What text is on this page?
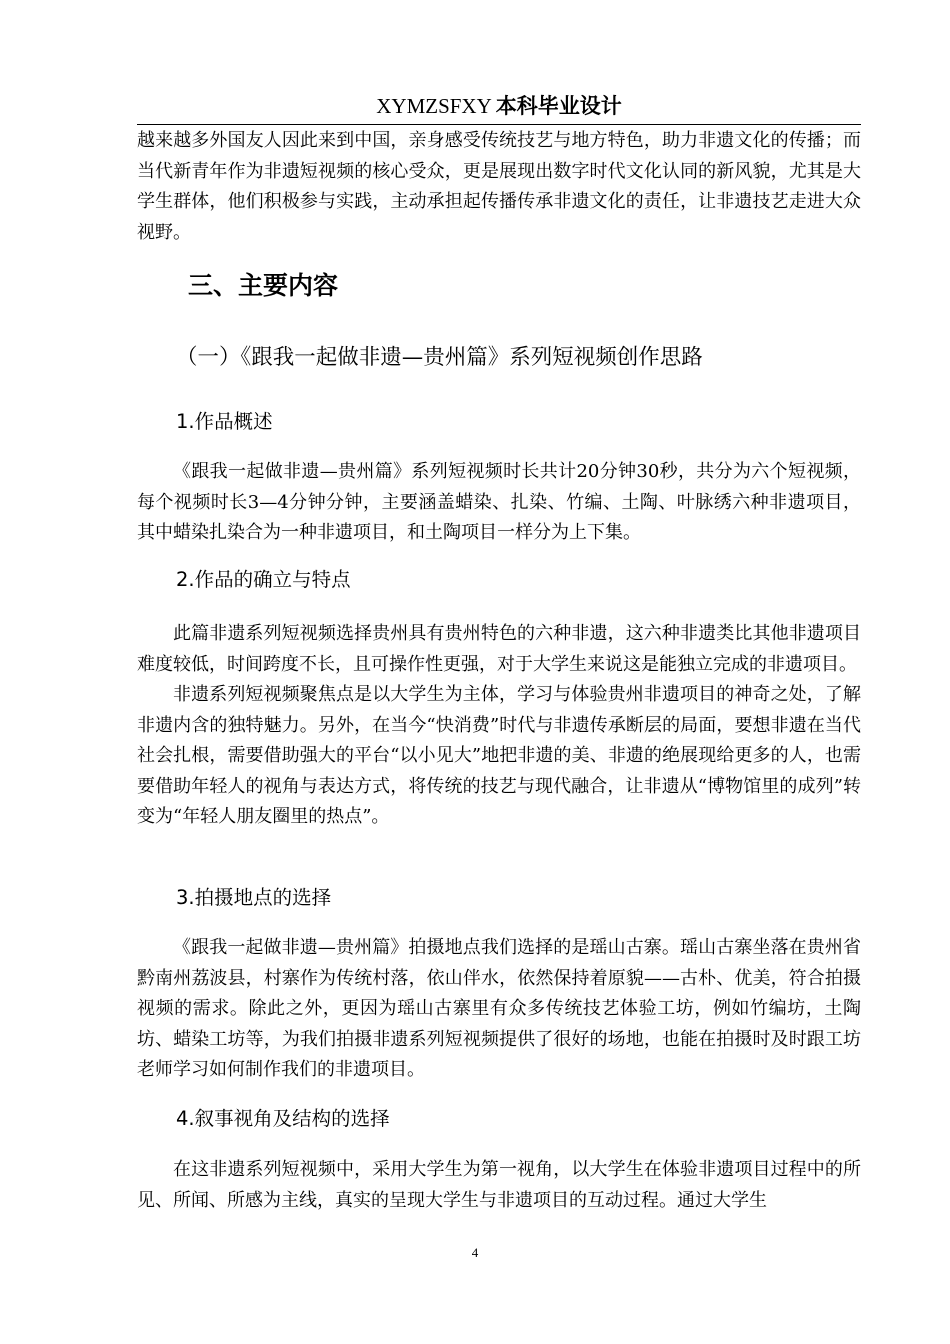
XYMZSFXY 本科毕业设计

越来越多外国友人因此来到中国，亲身感受传统技艺与地方特色，助力非遗文化的传播；而当代新青年作为非遗短视频的核心受众，更是展现出数字时代文化认同的新风貌，尤其是大学生群体，他们积极参与实践，主动承担起传播传承非遗文化的责任，让非遗技艺走进大众视野。

三、主要内容
（一）《跟我一起做非遗—贵州篇》系列短视频创作思路
1.作品概述

《跟我一起做非遗—贵州篇》系列短视频时长共计20分钟30秒，共分为六个短视频，每个视频时长3—4分钟分钟，主要涵盖蜡染、扎染、竹编、土陶、叶脉绣六种非遗项目，其中蜡染扎染合为一种非遗项目，和土陶项目一样分为上下集。

2.作品的确立与特点

此篇非遗系列短视频选择贵州具有贵州特色的六种非遗，这六种非遗类比其他非遗项目难度较低，时间跨度不长，且可操作性更强，对于大学生来说这是能独立完成的非遗项目。

非遗系列短视频聚焦点是以大学生为主体，学习与体验贵州非遗项目的神奇之处，了解非遗内含的独特魅力。另外，在当今“快消费”时代与非遗传承断层的局面，要想非遗在当代社会扎根，需要借助强大的平台“以小见大”地把非遗的美、非遗的绝展现给更多的人，也需要借助年轻人的视角与表达方式，将传统的技艺与现代融合，让非遗从“博物馆里的成列”转变为“年轻人朋友圈里的热点”。

3.拍摄地点的选择

《跟我一起做非遗—贵州篇》拍摄地点我们选择的是瑶山古寨。瑶山古寨坐落在贵州省黔南州荔波县，村寨作为传统村落，依山伴水，依然保持着原貌——古朴、优美，符合拍摄视频的需求。除此之外，更因为瑶山古寨里有众多传统技艺体验工坊，例如竹编坊，土陶坊、蜡染工坊等，为我们拍摄非遗系列短视频提供了很好的场地，也能在拍摄时及时跟工坊老师学习如何制作我们的非遗项目。

4.叙事视角及结构的选择

在这非遗系列短视频中，采用大学生为第一视角，以大学生在体验非遗项目过程中的所见、所闻、所感为主线，真实的呈现大学生与非遗项目的互动过程。通过大学生

4
